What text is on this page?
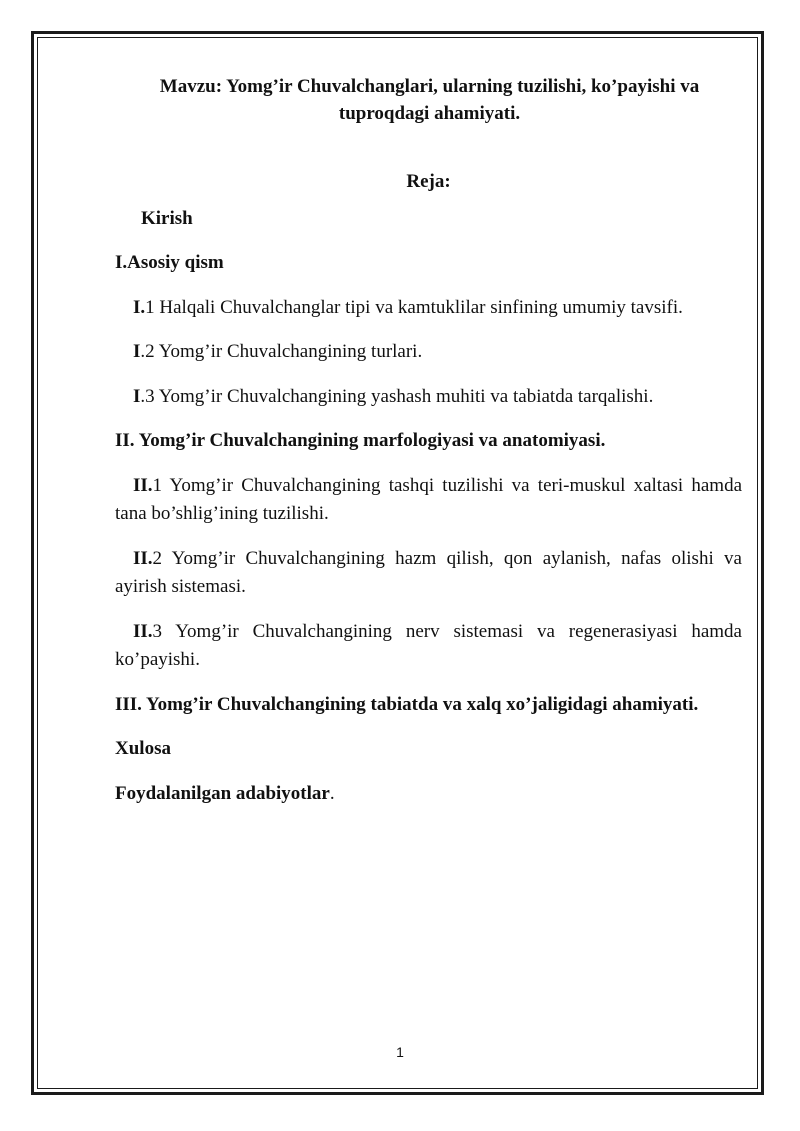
Mavzu: Yomg’ir Chuvalchanglari, ularning tuzilishi, ko’payishi va tuproqdagi ahamiyati.
Reja:
Kirish
I.Asosiy qism
I.1 Halqali Chuvalchanglar tipi va kamtuklilar sinfining umumiy tavsifi.
I.2 Yomg’ir Chuvalchangining turlari.
I.3 Yomg’ir Chuvalchangining yashash muhiti va tabiatda tarqalishi.
II. Yomg’ir Chuvalchangining marfologiyasi va anatomiyasi.
II.1 Yomg’ir Chuvalchangining tashqi tuzilishi va teri-muskul xaltasi hamda tana bo’shlig’ining tuzilishi.
II.2 Yomg’ir Chuvalchangining hazm qilish, qon aylanish, nafas olishi va ayirish sistemasi.
II.3 Yomg’ir Chuvalchangining nerv sistemasi va regenerasiyasi hamda ko’payishi.
III. Yomg’ir Chuvalchangining tabiatda va xalq xo’jaligidagi ahamiyati.
Xulosa
Foydalanilgan adabiyotlar.
1
